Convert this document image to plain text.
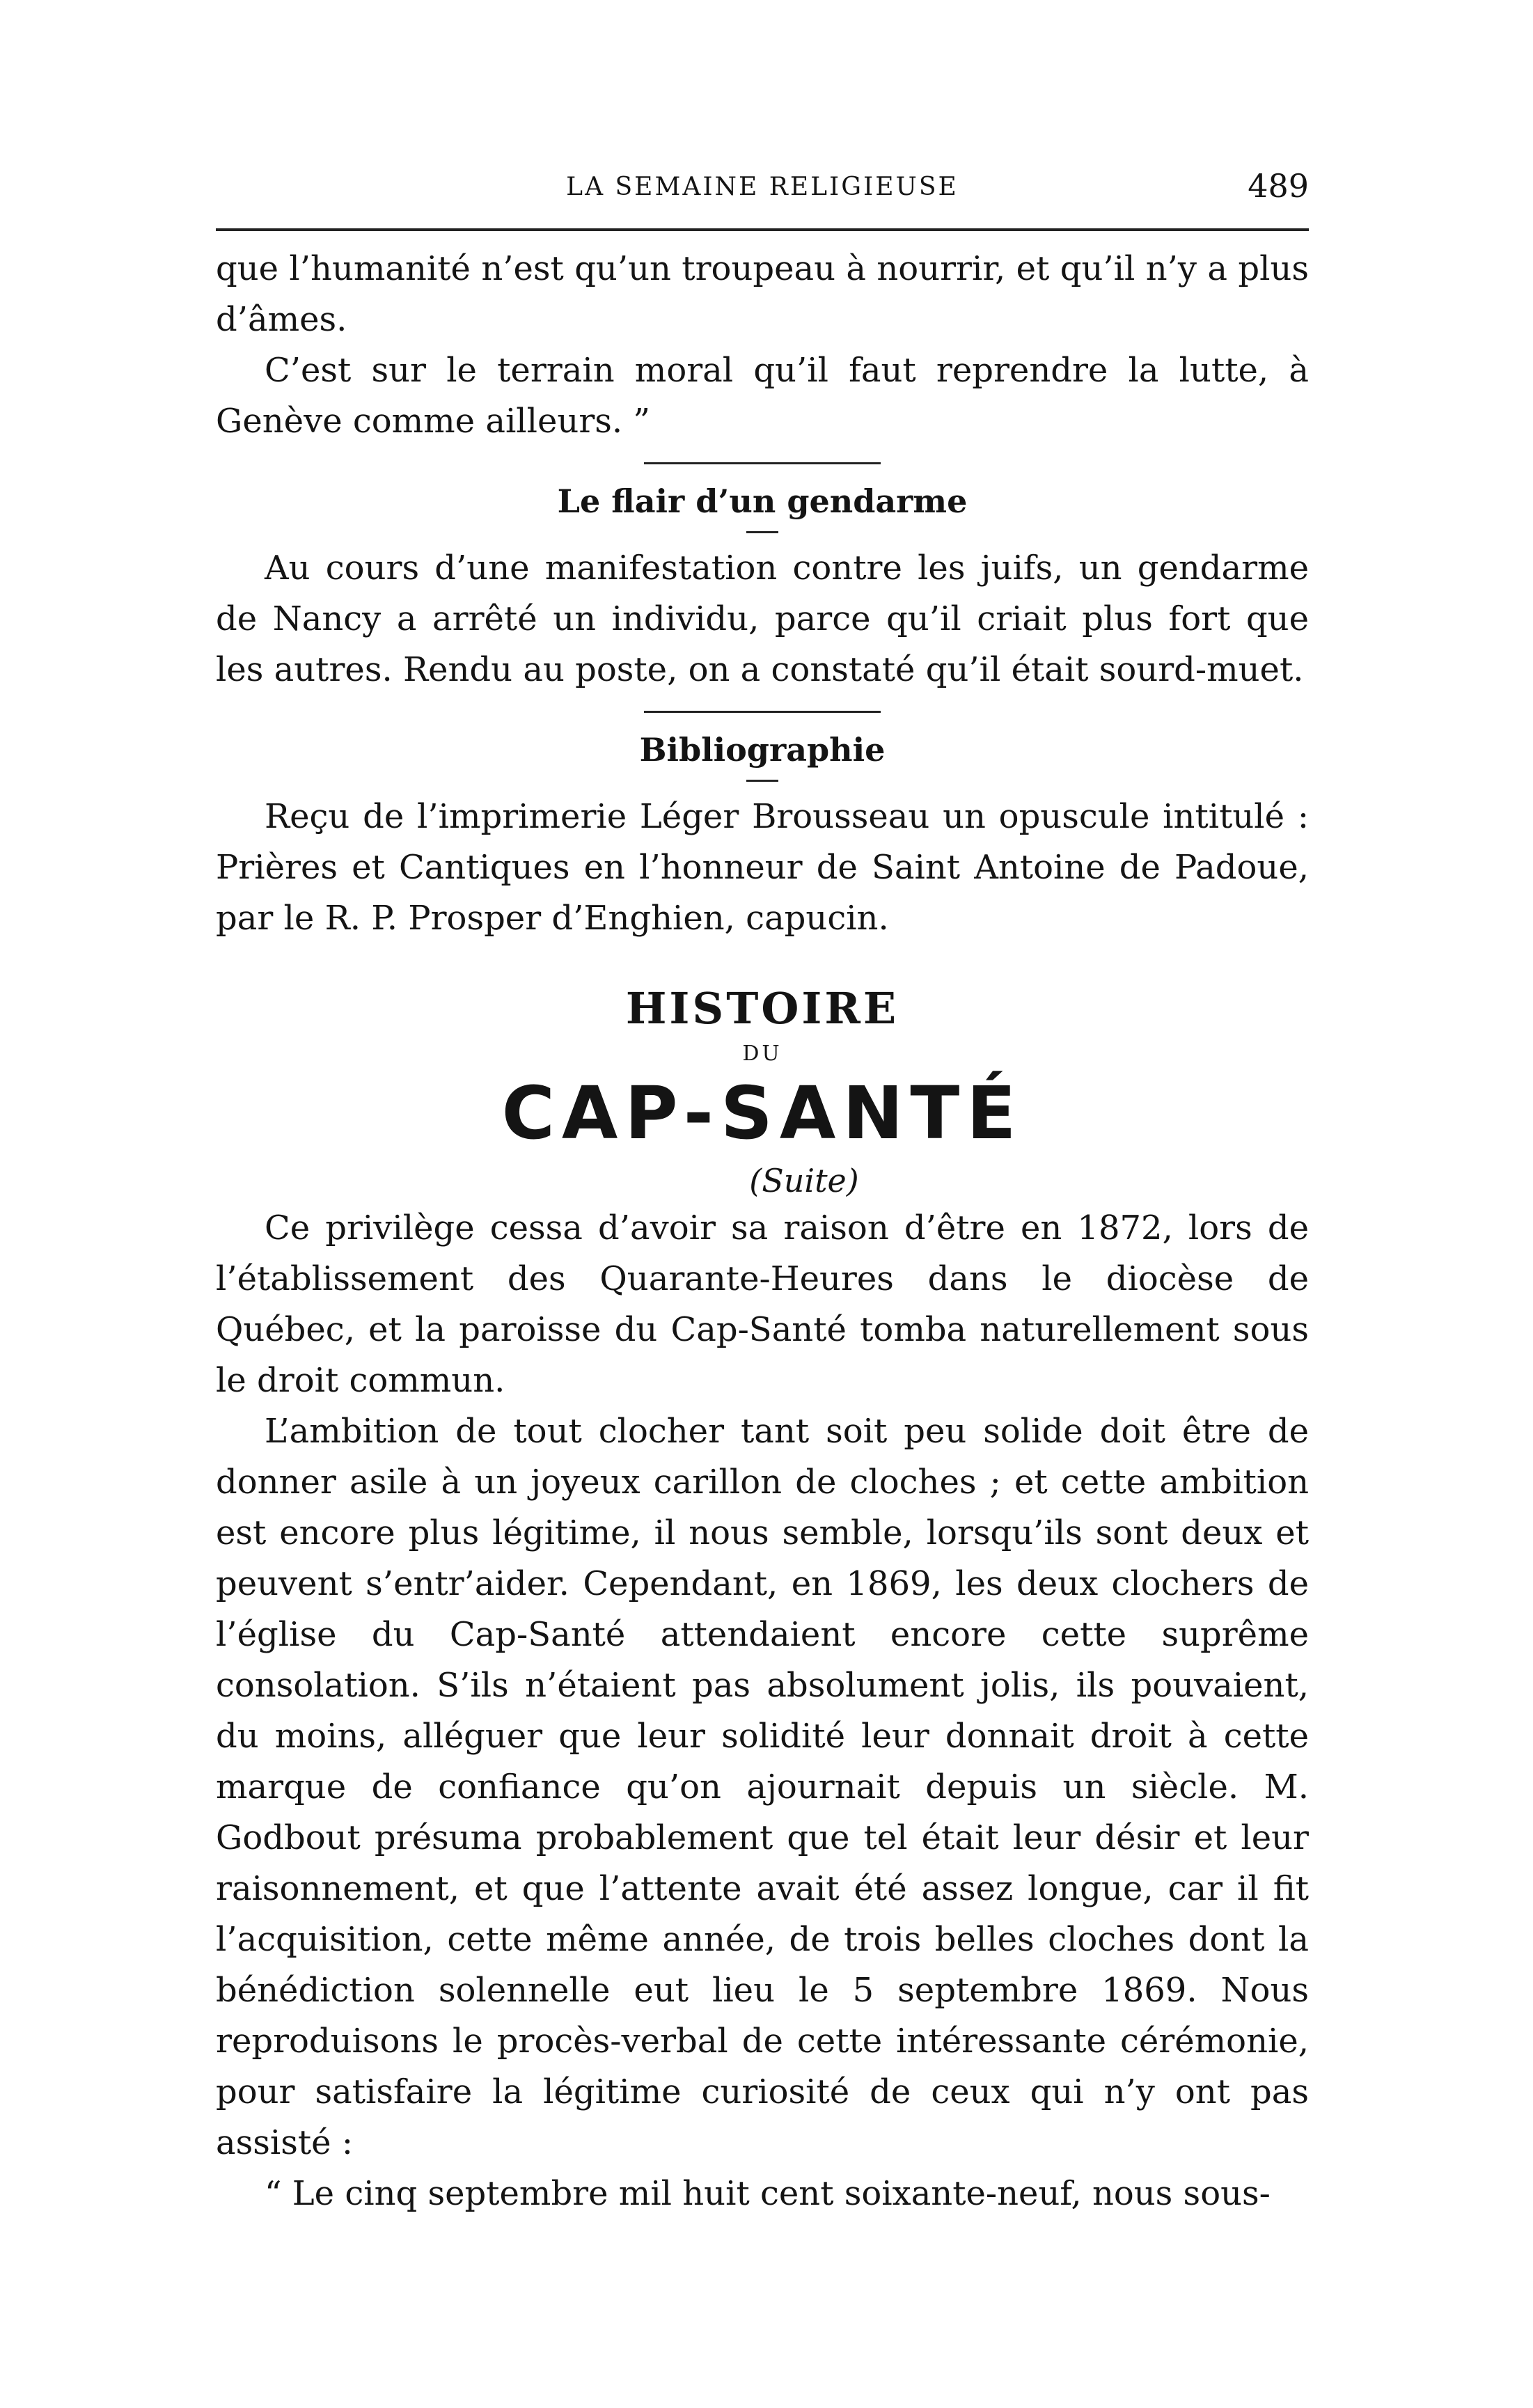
LA SEMAINE RELIGIEUSE	489

que l’humanité n’est qu’un troupeau à nourrir, et qu’il n’y a plus d’âmes.

C’est sur le terrain moral qu’il faut reprendre la lutte, à Genève comme ailleurs. ”

Le flair d’un gendarme

Au cours d’une manifestation contre les juifs, un gendarme de Nancy a arrêté un individu, parce qu’il criait plus fort que les autres. Rendu au poste, on a constaté qu’il était sourd-muet.

Bibliographie

Reçu de l’imprimerie Léger Brousseau un opuscule intitulé : Prières et Cantiques en l’honneur de Saint Antoine de Padoue, par le R. P. Prosper d’Enghien, capucin.

HISTOIRE
DU
CAP-SANTÉ
(Suite)

Ce privilège cessa d’avoir sa raison d’être en 1872, lors de l’établissement des Quarante-Heures dans le diocèse de Québec, et la paroisse du Cap-Santé tomba naturellement sous le droit commun.

L’ambition de tout clocher tant soit peu solide doit être de donner asile à un joyeux carillon de cloches ; et cette ambition est encore plus légitime, il nous semble, lorsqu’ils sont deux et peuvent s’entr’aider. Cependant, en 1869, les deux clochers de l’église du Cap-Santé attendaient encore cette suprême consolation. S’ils n’étaient pas absolument jolis, ils pouvaient, du moins, alléguer que leur solidité leur donnait droit à cette marque de confiance qu’on ajournait depuis un siècle. M. Godbout présuma probablement que tel était leur désir et leur raisonnement, et que l’attente avait été assez longue, car il fit l’acquisition, cette même année, de trois belles cloches dont la bénédiction solennelle eut lieu le 5 septembre 1869. Nous reproduisons le procès-verbal de cette intéressante cérémonie, pour satisfaire la légitime curiosité de ceux qui n’y ont pas assisté :

“ Le cinq septembre mil huit cent soixante-neuf, nous sous-
